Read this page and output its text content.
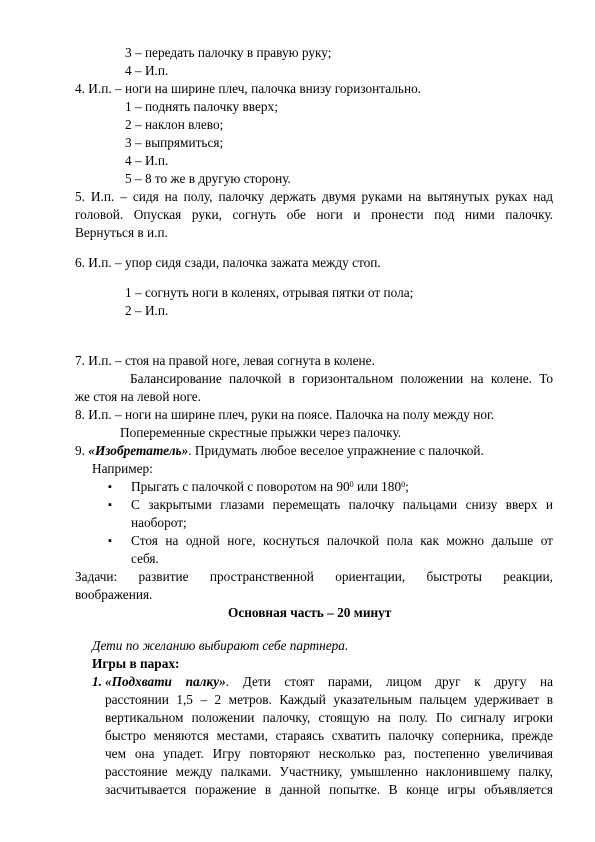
3 – передать палочку в правую руку;
4 – И.п.
4. И.п. – ноги на ширине плеч, палочка внизу горизонтально.
1 – поднять палочку вверх;
2 – наклон влево;
3 – выпрямиться;
4 – И.п.
5 – 8 то же в другую сторону.
5. И.п. – сидя на полу, палочку держать двумя руками на вытянутых руках над
головой. Опуская руки, согнуть обе ноги и пронести под ними палочку.
Вернуться в и.п.
6. И.п. – упор сидя сзади, палочка зажата между стоп.
1 – согнуть ноги в коленях, отрывая пятки от пола;
2 – И.п.
7. И.п. – стоя на правой ноге, левая согнута в колене.
Балансирование палочкой в горизонтальном положении на колене. То
же стоя на левой ноге.
8. И.п. – ноги на ширине плеч, руки на поясе. Палочка на полу между ног.
Попеременные скрестные прыжки через палочку.
9. «Изобретатель». Придумать любое веселое упражнение с палочкой.
Например:
▪ Прыгать с палочкой с поворотом на $90^0$ или $180^0$;
▪ С закрытыми глазами перемещать палочку пальцами снизу вверх и
наоборот;
▪ Стоя на одной ноге, коснуться палочкой пола как можно дальше от
себя.
Задачи: развитие пространственной ориентации, быстроты реакции,
воображения.
Основная часть – 20 минут
Дети по желанию выбирают себе партнера.
Игры в парах:
1. «Подхвати палку». Дети стоят парами, лицом друг к другу на
расстоянии 1,5 – 2 метров. Каждый указательным пальцем удерживает в
вертикальном положении палочку, стоящую на полу. По сигналу игроки
быстро меняются местами, стараясь схватить палочку соперника, прежде
чем она упадет. Игру повторяют несколько раз, постепенно увеличивая
расстояние между палками. Участнику, умышленно наклонившему палку,
засчитывается поражение в данной попытке. В конце игры объявляется
